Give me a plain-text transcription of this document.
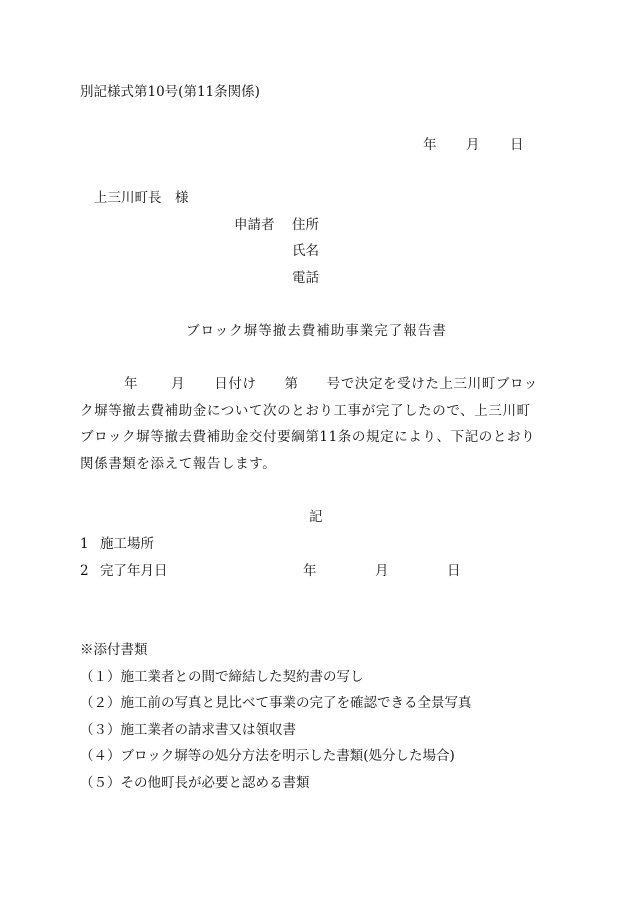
別記様式第10号(第11条関係)
年 月 日
上三川町長　様
申請者 住所
氏名
電話
ブロック塀等撤去費補助事業完了報告書
年 月 日付け 第 号で決定を受けた上三川町ブロッ
ク塀等撤去費補助金について次のとおり工事が完了したので、上三川町
ブロック塀等撤去費補助金交付要綱第11条の規定により、下記のとおり
関係書類を添えて報告します。
記
1 施工場所
2 完了年月日	年	月	日
※添付書類
（１）施工業者との間で締結した契約書の写し
（２）施工前の写真と見比べて事業の完了を確認できる全景写真
（３）施工業者の請求書又は領収書
（４）ブロック塀等の処分方法を明示した書類(処分した場合)
（５）その他町長が必要と認める書類
